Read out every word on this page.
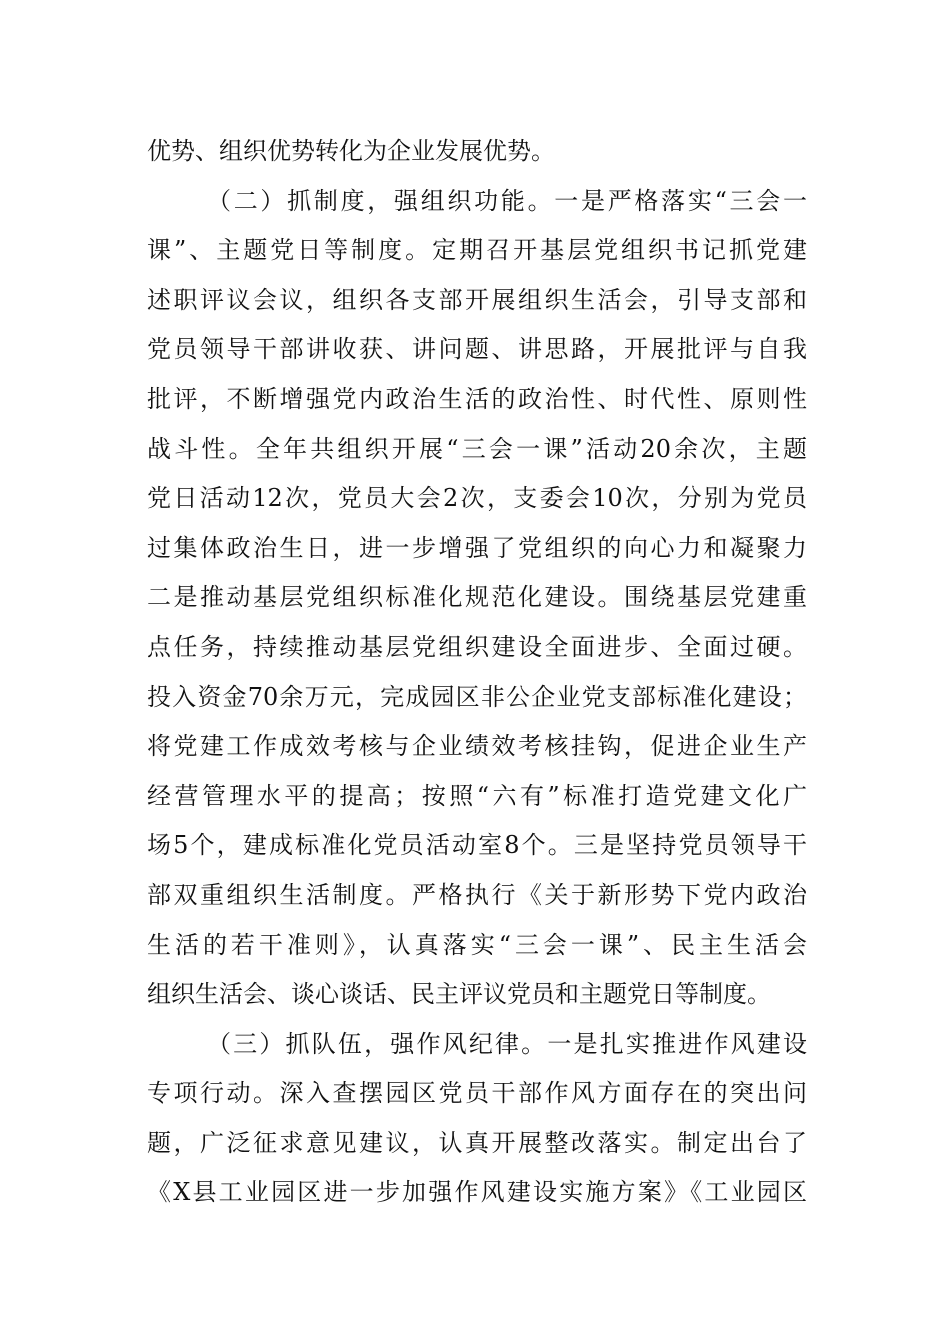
优势、组织优势转化为企业发展优势。
（二）抓制度，强组织功能。一是严格落实“三会一
课”、主题党日等制度。定期召开基层党组织书记抓党建
述职评议会议，组织各支部开展组织生活会，引导支部和
党员领导干部讲收获、讲问题、讲思路，开展批评与自我
批评，不断增强党内政治生活的政治性、时代性、原则性
战斗性。全年共组织开展“三会一课”活动20余次，主题
党日活动12次，党员大会2次，支委会10次，分别为党员
过集体政治生日，进一步增强了党组织的向心力和凝聚力
二是推动基层党组织标准化规范化建设。围绕基层党建重
点任务，持续推动基层党组织建设全面进步、全面过硬。
投入资金70余万元，完成园区非公企业党支部标准化建设；
将党建工作成效考核与企业绩效考核挂钩，促进企业生产
经营管理水平的提高；按照“六有”标准打造党建文化广
场5个，建成标准化党员活动室8个。三是坚持党员领导干
部双重组织生活制度。严格执行《关于新形势下党内政治
生活的若干准则》，认真落实“三会一课”、民主生活会
组织生活会、谈心谈话、民主评议党员和主题党日等制度。
（三）抓队伍，强作风纪律。一是扎实推进作风建设
专项行动。深入查摆园区党员干部作风方面存在的突出问
题，广泛征求意见建议，认真开展整改落实。制定出台了
《X县工业园区进一步加强作风建设实施方案》《工业园区
